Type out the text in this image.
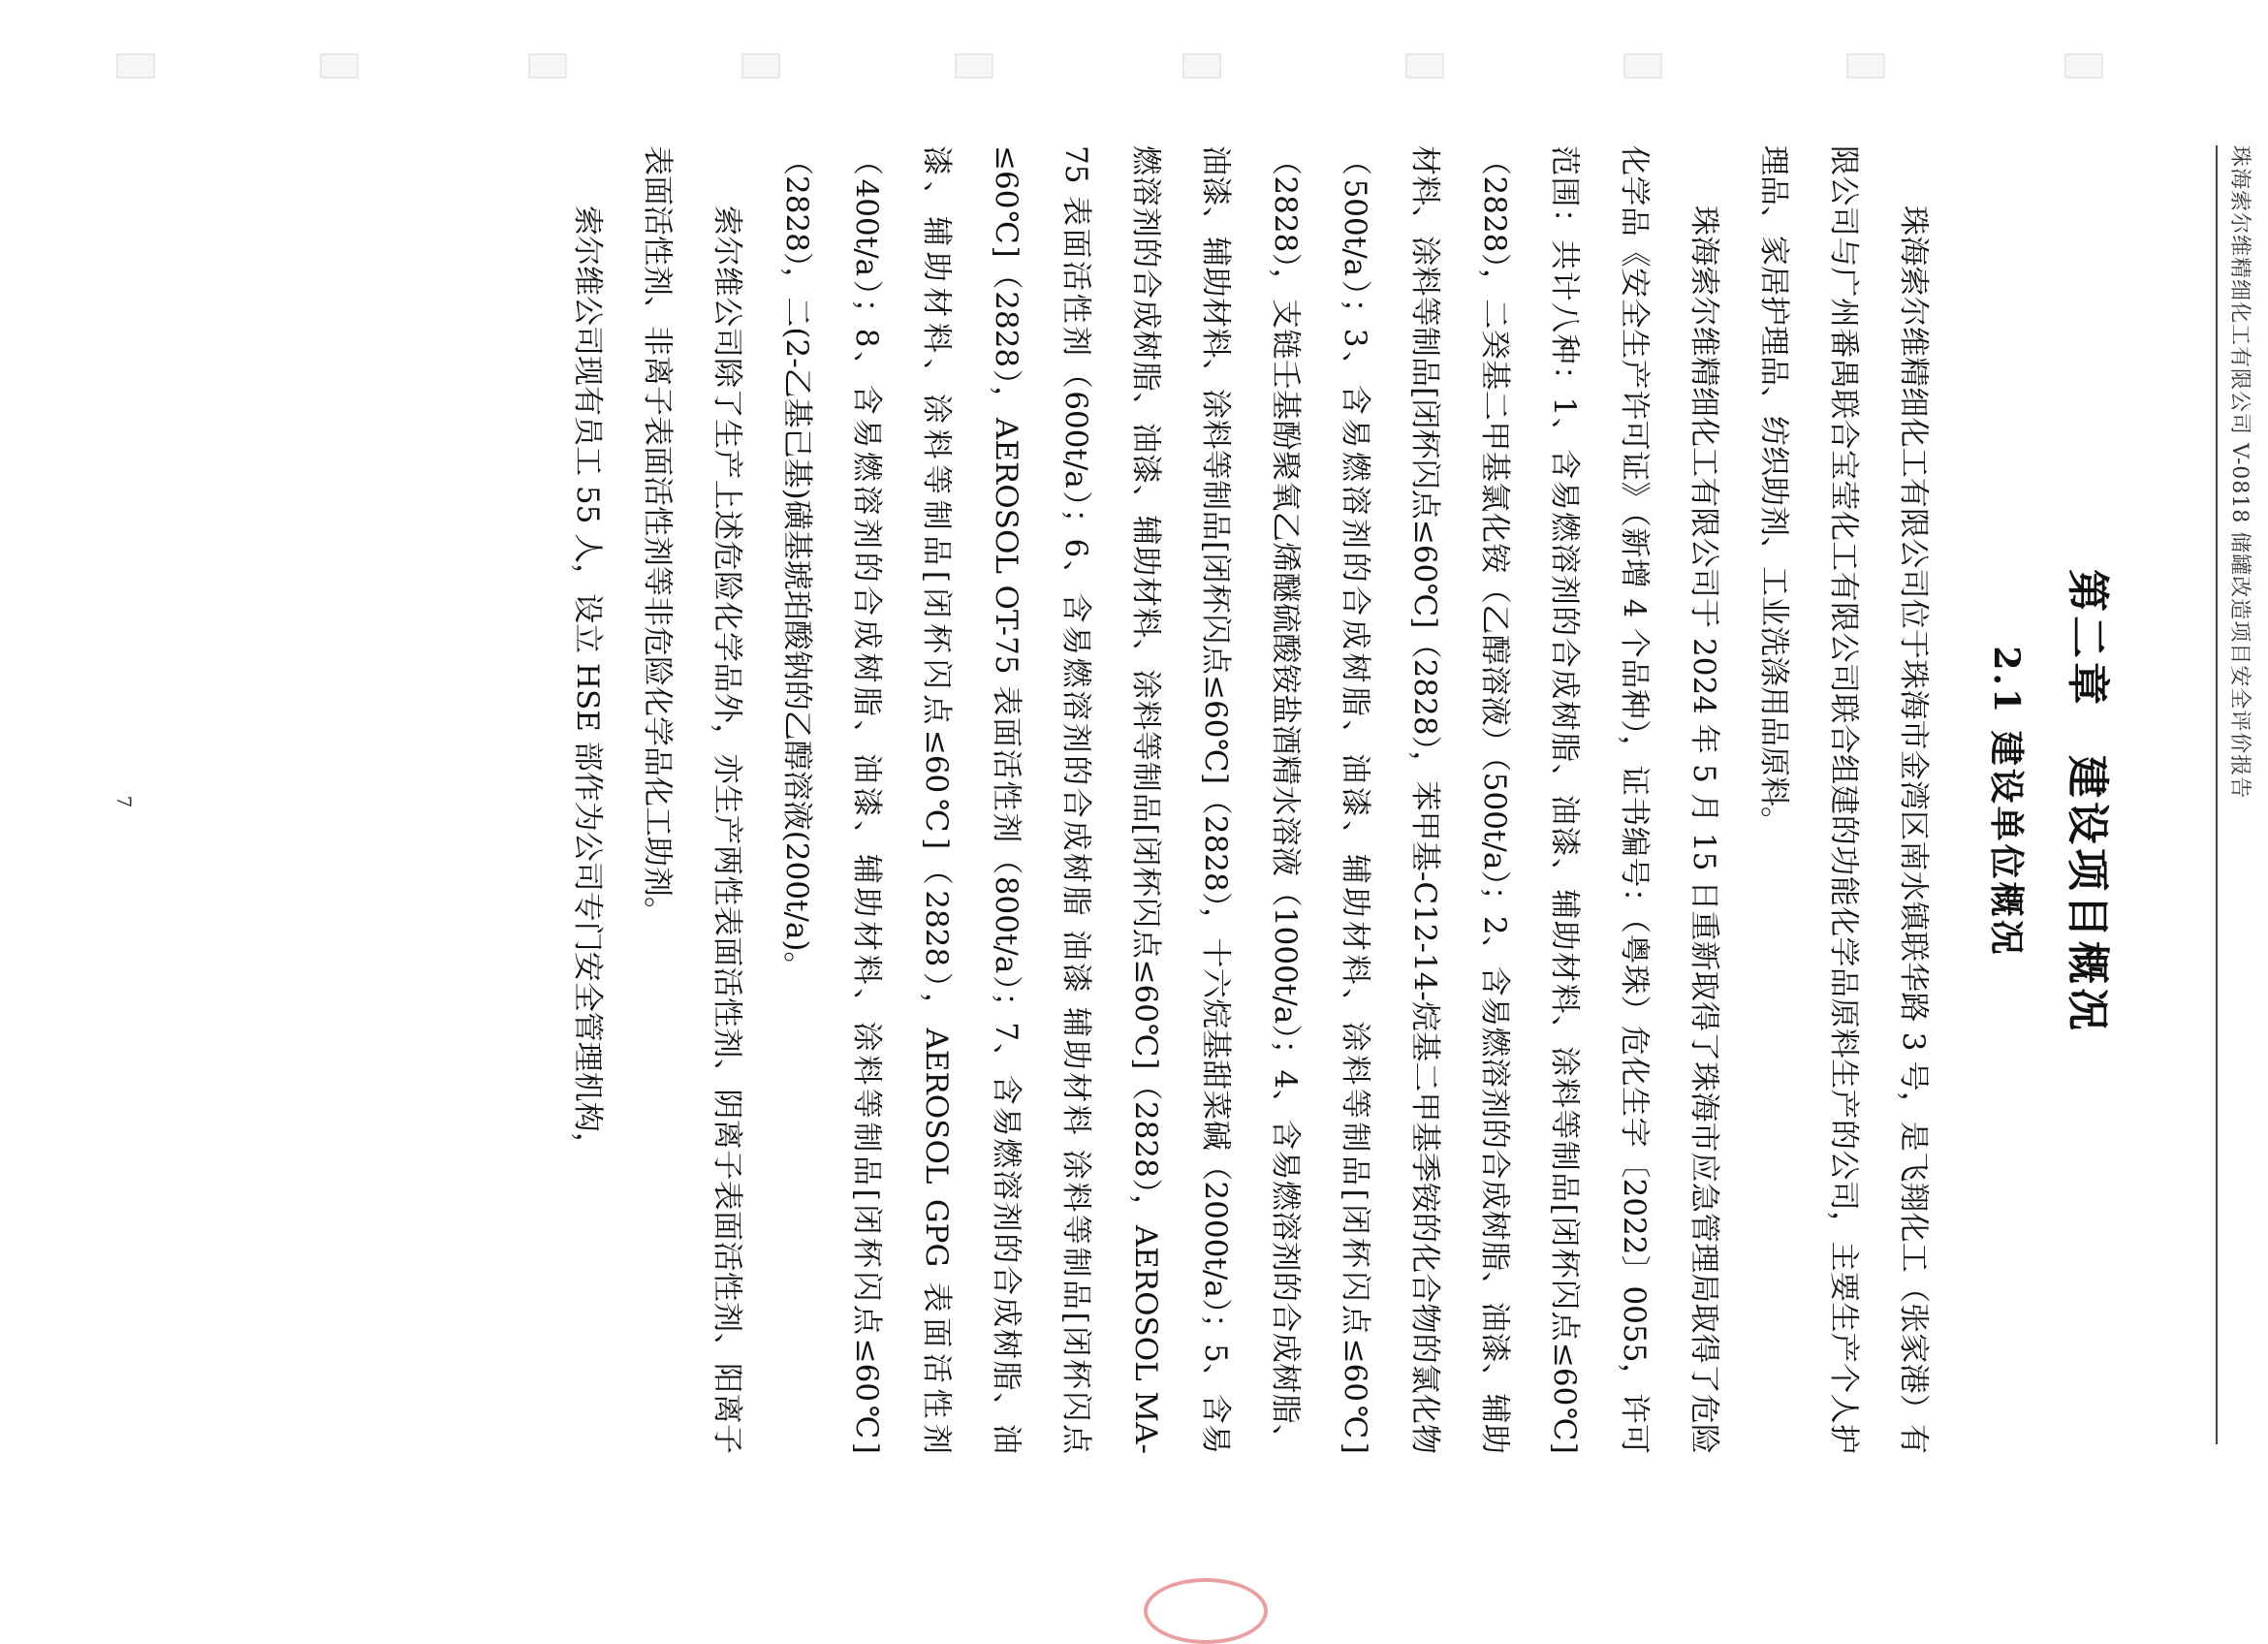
珠海索尔维精细化工有限公司 V-0818 储罐改造项目安全评价报告
第二章　建设项目概况
2.1 建设单位概况

珠海索尔维精细化工有限公司位于珠海市金湾区南水镇联华路 3 号，是飞翔化工（张家港）有限公司与广州番禺联合宝莹化工有限公司联合组建的功能化学品原料生产的公司，主要生产个人护理品、家居护理品、纺织助剂、工业洗涤用品原料。

珠海索尔维精细化工有限公司于 2024 年 5 月 15 日重新取得了珠海市应急管理局取得了危险化学品《安全生产许可证》（新增 4 个品种），证书编号：（粤珠）危化生字〔2022〕0055，许可范围：共计八种：1、含易燃溶剂的合成树脂、油漆、辅助材料、涂料等制品[闭杯闪点≤60℃]（2828），二癸基二甲基氯化铵（乙醇溶液）（500t/a）；2、含易燃溶剂的合成树脂、油漆、辅助材料、涂料等制品[闭杯闪点≤60℃]（2828），苯甲基-C12-14-烷基二甲基季铵的化合物的氯化物（500t/a）；3、含易燃溶剂的合成树脂、油漆、辅助材料、涂料等制品[闭杯闪点≤60℃]（2828），支链壬基酚聚氧乙烯醚硫酸铵盐酒精水溶液（1000t/a）；4、含易燃溶剂的合成树脂、油漆、辅助材料、涂料等制品[闭杯闪点≤60℃]（2828），十六烷基甜菜碱（2000t/a）；5、含易燃溶剂的合成树脂、油漆、辅助材料、涂料等制品[闭杯闪点≤60℃]（2828），AEROSOL MA-75 表面活性剂（600t/a）；6、含易燃溶剂的合成树脂 油漆 辅助材料 涂料等制品[闭杯闪点≤60℃]（2828），AEROSOL OT-75 表面活性剂（800t/a）；7、含易燃溶剂的合成树脂、油漆、辅助材料、涂料等制品[闭杯闪点≤60℃]（2828），AEROSOL GPG 表面活性剂（400t/a）；8、含易燃溶剂的合成树脂、油漆、辅助材料、涂料等制品[闭杯闪点≤60℃]（2828），二(2-乙基己基)磺基琥珀酸钠的乙醇溶液(200t/a)。

索尔维公司除了生产上述危险化学品外，亦生产两性表面活性剂、阴离子表面活性剂、阳离子表面活性剂、非离子表面活性剂等非危险化学品化工助剂。

索尔维公司现有员工 55 人，设立 HSE 部作为公司专门安全管理机构，

7
